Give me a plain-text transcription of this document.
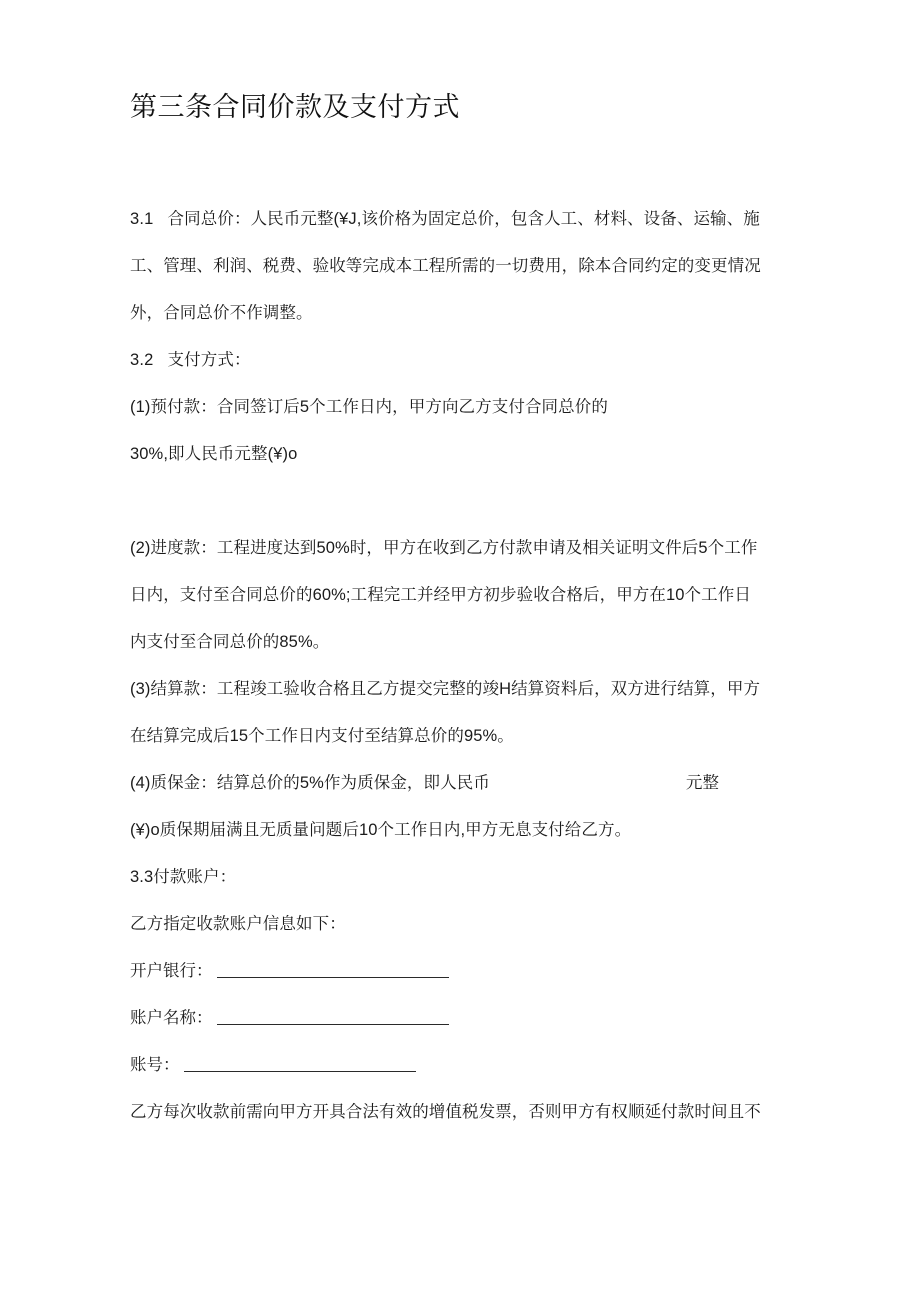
第三条合同价款及支付方式
3.1 合同总价：人民币元整(¥J,该价格为固定总价，包含人工、材料、设备、运输、施
工、管理、利润、税费、验收等完成本工程所需的一切费用，除本合同约定的变更情况
外，合同总价不作调整。
3.2 支付方式：
(1)预付款：合同签订后5个工作日内，甲方向乙方支付合同总价的
30%,即人民币元整(¥)o
(2)进度款：工程进度达到50%时，甲方在收到乙方付款申请及相关证明文件后5个工作
日内，支付至合同总价的60%;工程完工并经甲方初步验收合格后，甲方在10个工作日
内支付至合同总价的85%。
(3)结算款：工程竣工验收合格且乙方提交完整的竣H结算资料后，双方进行结算，甲方
在结算完成后15个工作日内支付至结算总价的95%。
(4)质保金：结算总价的5%作为质保金，即人民币	元整
(¥)o质保期届满且无质量问题后10个工作日内,甲方无息支付给乙方。
3.3付款账户：
乙方指定收款账户信息如下：
开户银行：
账户名称：
账号：
乙方每次收款前需向甲方开具合法有效的增值税发票，否则甲方有权顺延付款时间且不
